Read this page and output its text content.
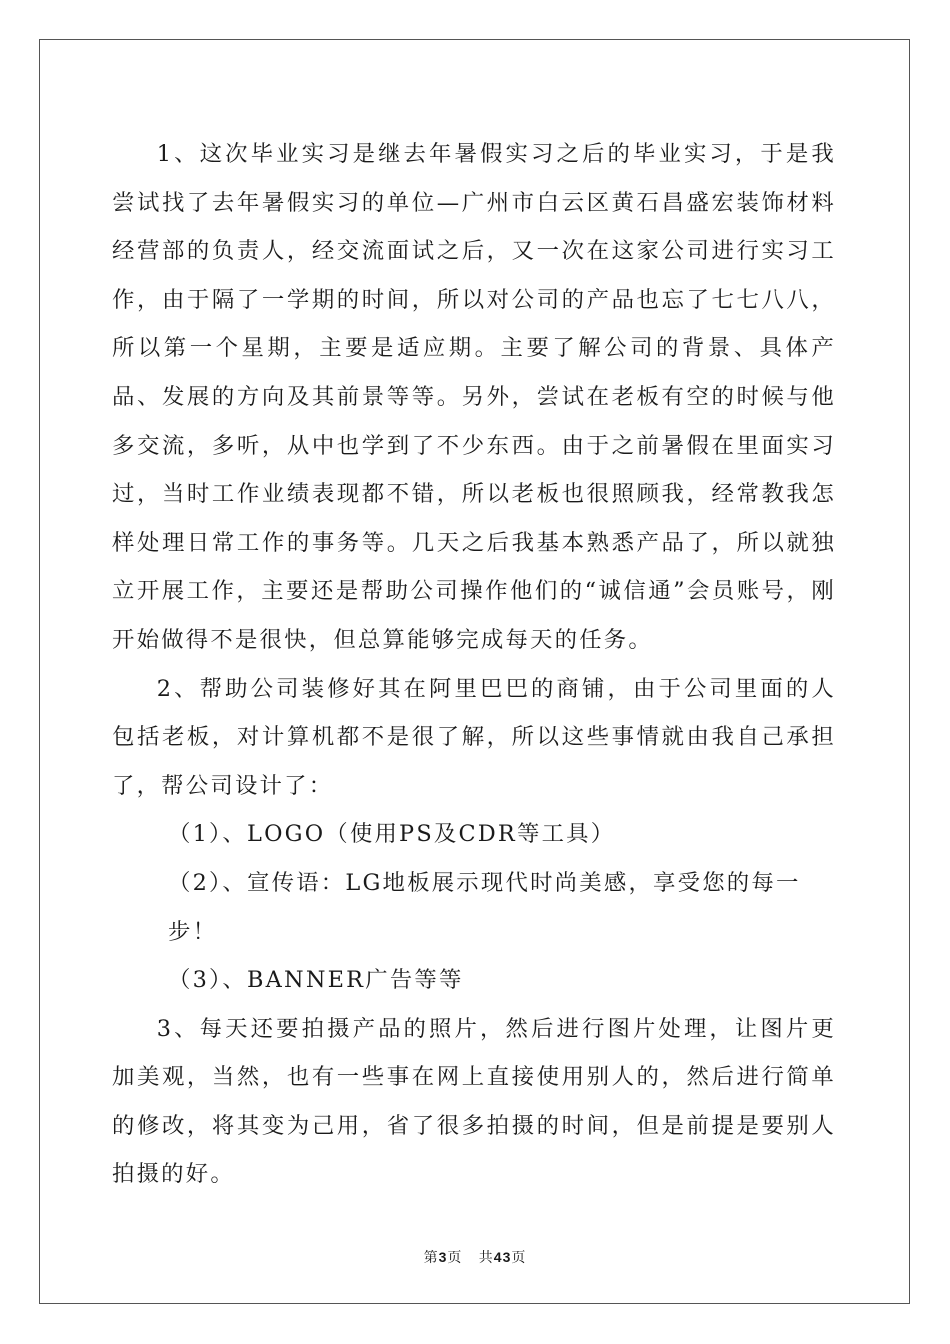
1、这次毕业实习是继去年暑假实习之后的毕业实习，于是我尝试找了去年暑假实习的单位—广州市白云区黄石昌盛宏装饰材料经营部的负责人，经交流面试之后，又一次在这家公司进行实习工作，由于隔了一学期的时间，所以对公司的产品也忘了七七八八，所以第一个星期，主要是适应期。主要了解公司的背景、具体产品、发展的方向及其前景等等。另外，尝试在老板有空的时候与他多交流，多听，从中也学到了不少东西。由于之前暑假在里面实习过，当时工作业绩表现都不错，所以老板也很照顾我，经常教我怎样处理日常工作的事务等。几天之后我基本熟悉产品了，所以就独立开展工作，主要还是帮助公司操作他们的“诚信通”会员账号，刚开始做得不是很快，但总算能够完成每天的任务。

2、帮助公司装修好其在阿里巴巴的商铺，由于公司里面的人包括老板，对计算机都不是很了解，所以这些事情就由我自己承担了，帮公司设计了：

（1）、LOGO（使用PS及CDR等工具）

（2）、宣传语：LG地板展示现代时尚美感，享受您的每一步！

（3）、BANNER广告等等

3、每天还要拍摄产品的照片，然后进行图片处理，让图片更加美观，当然，也有一些事在网上直接使用别人的，然后进行简单的修改，将其变为己用，省了很多拍摄的时间，但是前提是要别人拍摄的好。

第3页 共43页
